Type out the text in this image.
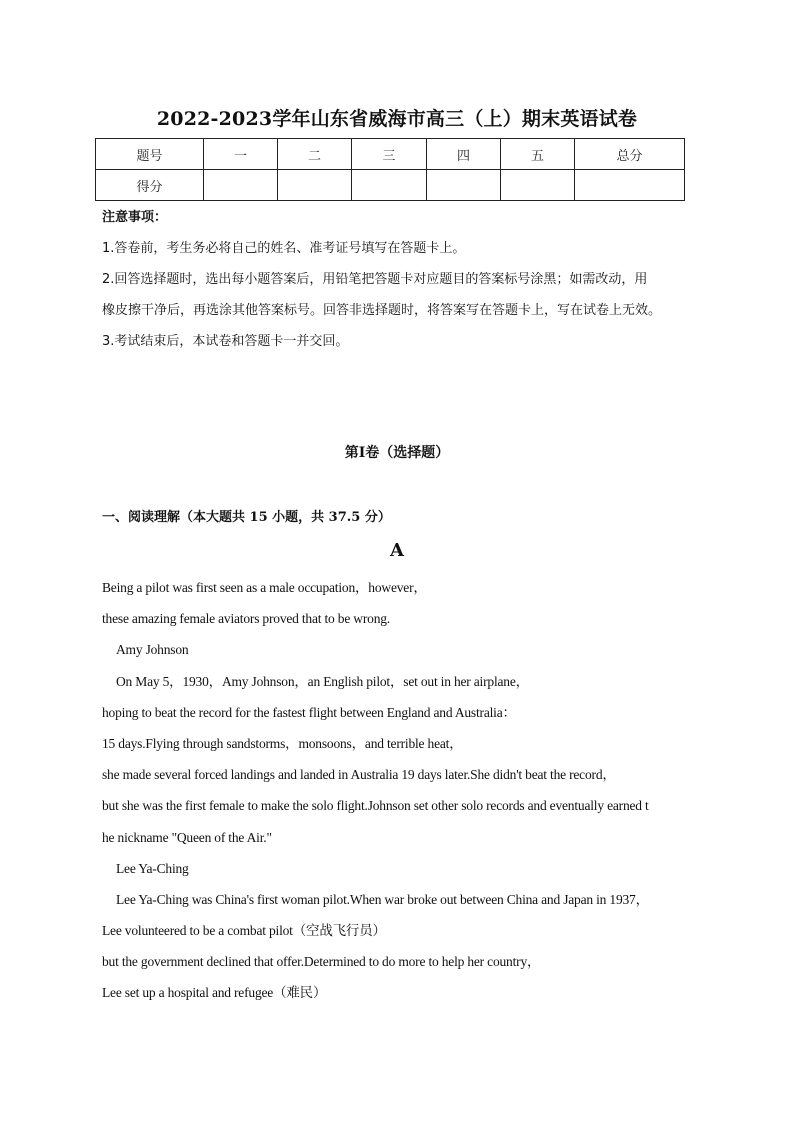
2022-2023学年山东省威海市高三（上）期末英语试卷
题号	一	二	三	四	五	总分
得分						
注意事项：
1.答卷前，考生务必将自己的姓名、准考证号填写在答题卡上。
2.回答选择题时，选出每小题答案后，用铅笔把答题卡对应题目的答案标号涂黑；如需改动，用
橡皮擦干净后，再选涂其他答案标号。回答非选择题时，将答案写在答题卡上，写在试卷上无效。
3.考试结束后，本试卷和答题卡一并交回。
第Ⅰ卷（选择题）
一、阅读理解（本大题共 15 小题，共 37.5 分）
A
Being a pilot was first seen as a male occupation，however，
these amazing female aviators proved that to be wrong.
Amy Johnson
On May 5，1930，Amy Johnson，an English pilot，set out in her airplane，
hoping to beat the record for the fastest flight between England and Australia：
15 days.Flying through sandstorms，monsoons，and terrible heat，
she made several forced landings and landed in Australia 19 days later.She didn't beat the record，
but she was the first female to make the solo flight.Johnson set other solo records and eventually earned t
he nickname "Queen of the Air."
Lee Ya-Ching
Lee Ya-Ching was China's first woman pilot.When war broke out between China and Japan in 1937，
Lee volunteered to be a combat pilot（空战飞行员）
but the government declined that offer.Determined to do more to help her country，
Lee set up a hospital and refugee（难民）
